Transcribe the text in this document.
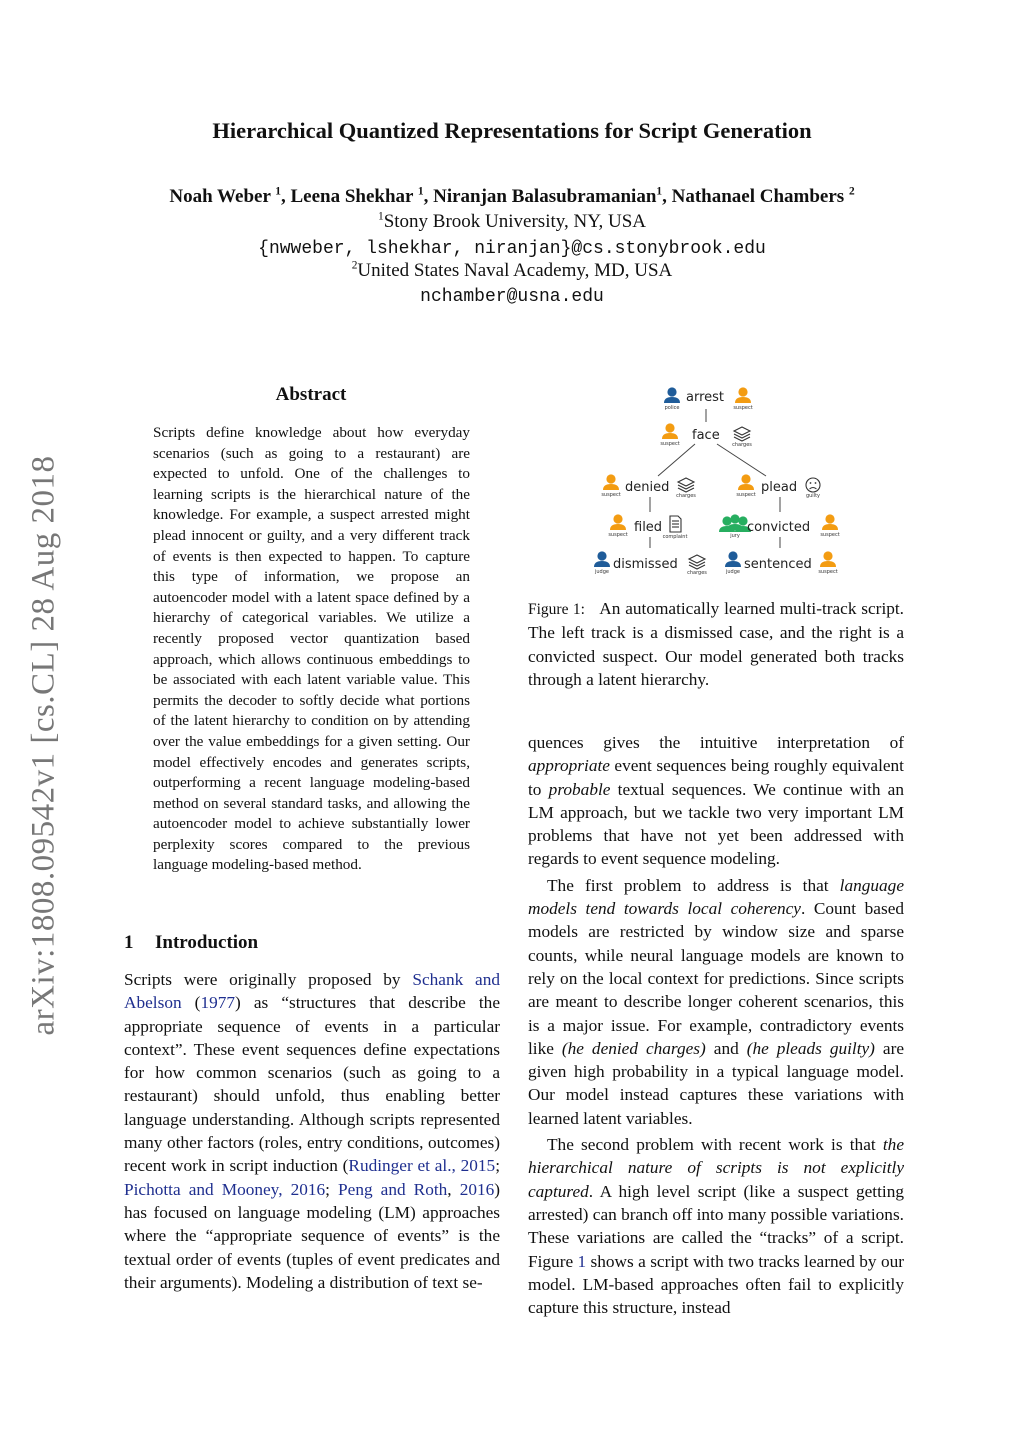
arXiv:1808.09542v1 [cs.CL] 28 Aug 2018
Hierarchical Quantized Representations for Script Generation
Noah Weber $^1$, Leena Shekhar $^1$, Niranjan Balasubramanian$^1$, Nathanael Chambers $^2$
$^1$Stony Brook University, NY, USA
{nwweber, lshekhar, niranjan}@cs.stonybrook.edu
$^2$United States Naval Academy, MD, USA
nchamber@usna.edu
Abstract
Scripts define knowledge about how everyday scenarios (such as going to a restaurant) are expected to unfold. One of the challenges to learning scripts is the hierarchical nature of the knowledge. For example, a suspect arrested might plead innocent or guilty, and a very different track of events is then expected to happen. To capture this type of information, we propose an autoencoder model with a latent space defined by a hierarchy of categorical variables. We utilize a recently proposed vector quantization based approach, which allows continuous embeddings to be associated with each latent variable value. This permits the decoder to softly decide what portions of the latent hierarchy to condition on by attending over the value embeddings for a given setting. Our model effectively encodes and generates scripts, outperforming a recent language modeling-based method on several standard tasks, and allowing the autoencoder model to achieve substantially lower perplexity scores compared to the previous language modeling-based method.
1 Introduction

Scripts were originally proposed by Schank and Abelson (1977) as “structures that describe the appropriate sequence of events in a particular context”. These event sequences define expectations for how common scenarios (such as going to a restaurant) should unfold, thus enabling better language understanding. Although scripts represented many other factors (roles, entry conditions, outcomes) recent work in script induction (Rudinger et al., 2015; Pichotta and Mooney, 2016; Peng and Roth, 2016) has focused on language modeling (LM) approaches where the “appropriate sequence of events” is the textual order of events (tuples of event predicates and their arguments). Modeling a distribution of text se-

police
arrest
suspect
suspect
face
charges
suspect denied
charges	suspect plead
guilty
suspect filed
complaint	jury
convicted suspect
judge dismissed
charges	judge sentenced suspect
Figure 1: An automatically learned multi-track script. The left track is a dismissed case, and the right is a convicted suspect. Our model generated both tracks through a latent hierarchy.

quences gives the intuitive interpretation of appropriate event sequences being roughly equivalent to probable textual sequences. We continue with an LM approach, but we tackle two very important LM problems that have not yet been addressed with regards to event sequence modeling.

The first problem to address is that language models tend towards local coherency. Count based models are restricted by window size and sparse counts, while neural language models are known to rely on the local context for predictions. Since scripts are meant to describe longer coherent scenarios, this is a major issue. For example, contradictory events like (he denied charges) and (he pleads guilty) are given high probability in a typical language model. Our model instead captures these variations with learned latent variables.

The second problem with recent work is that the hierarchical nature of scripts is not explicitly captured. A high level script (like a suspect getting arrested) can branch off into many possible variations. These variations are called the “tracks” of a script. Figure 1 shows a script with two tracks learned by our model. LM-based approaches often fail to explicitly capture this structure, instead
